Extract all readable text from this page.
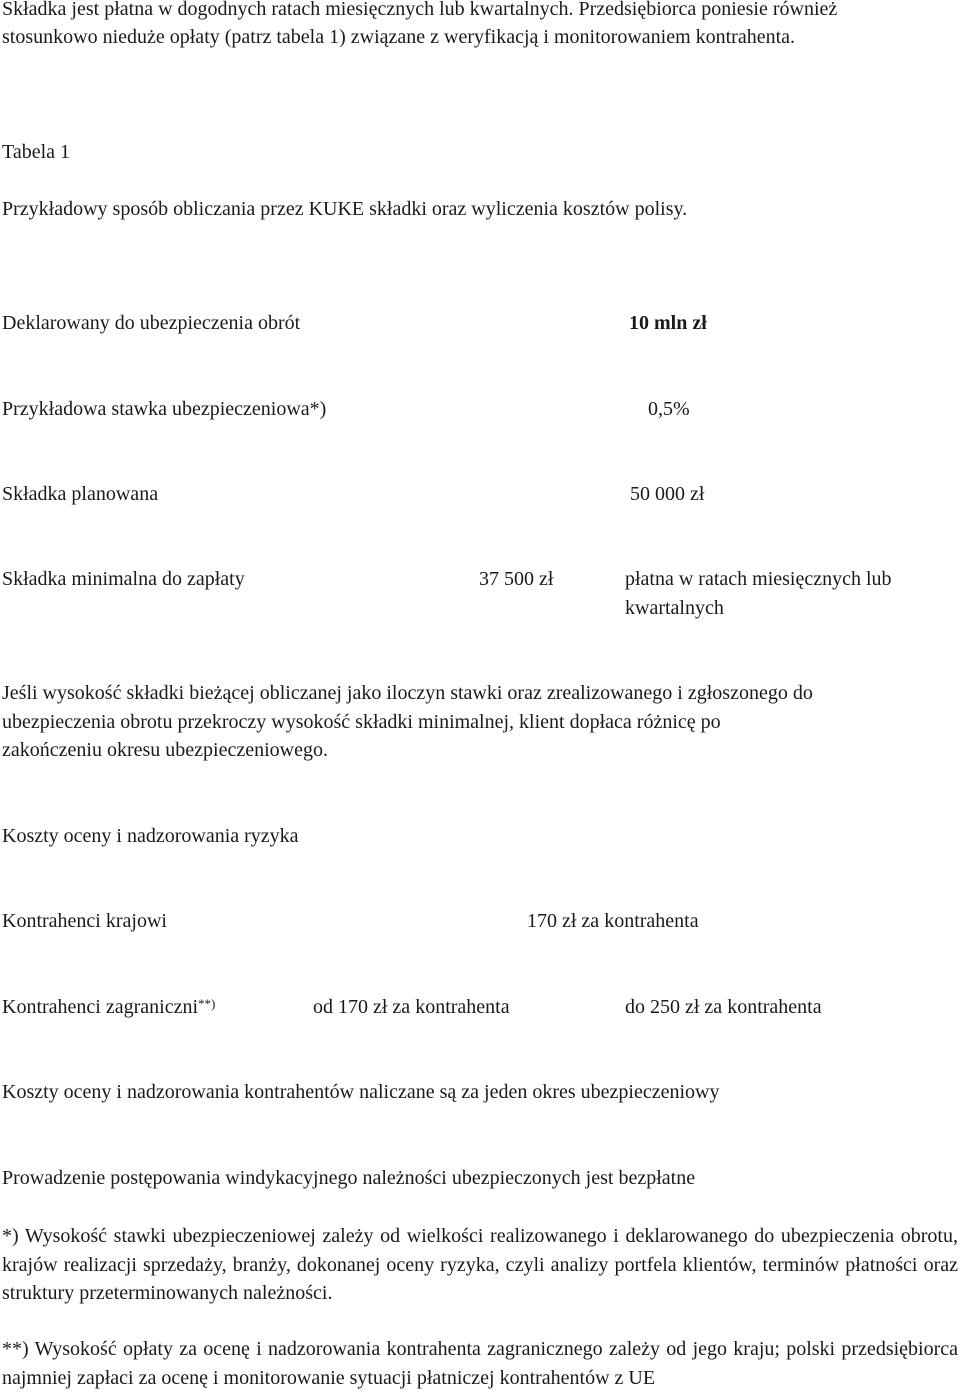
Składka jest płatna w dogodnych ratach miesięcznych lub kwartalnych. Przedsiębiorca poniesie również
stosunkowo nieduże opłaty (patrz tabela 1) związane z weryfikacją i monitorowaniem kontrahenta.
Tabela 1
Przykładowy sposób obliczania przez KUKE składki oraz wyliczenia kosztów polisy.
Deklarowany do ubezpieczenia obrót	10 mln zł
Przykładowa stawka ubezpieczeniowa*)	0,5%
Składka planowana	50 000 zł
Składka minimalna do zapłaty	37 500 zł	płatna w ratach miesięcznych lub
kwartalnych
Jeśli wysokość składki bieżącej obliczanej jako iloczyn stawki oraz zrealizowanego i zgłoszonego do
ubezpieczenia obrotu przekroczy wysokość składki minimalnej, klient dopłaca różnicę po
zakończeniu okresu ubezpieczeniowego.
Koszty oceny i nadzorowania ryzyka
Kontrahenci krajowi	170 zł za kontrahenta
Kontrahenci zagraniczni**)	od 170 zł za kontrahenta	do 250 zł za kontrahenta
Koszty oceny i nadzorowania kontrahentów naliczane są za jeden okres ubezpieczeniowy
Prowadzenie postępowania windykacyjnego należności ubezpieczonych jest bezpłatne
*) Wysokość stawki ubezpieczeniowej zależy od wielkości realizowanego i deklarowanego do ubezpieczenia obrotu, krajów realizacji sprzedaży, branży, dokonanej oceny ryzyka, czyli analizy portfela klientów, terminów płatności oraz struktury przeterminowanych należności.
**) Wysokość opłaty za ocenę i nadzorowania kontrahenta zagranicznego zależy od jego kraju; polski przedsiębiorca najmniej zapłaci za ocenę i monitorowanie sytuacji płatniczej kontrahentów z UE
